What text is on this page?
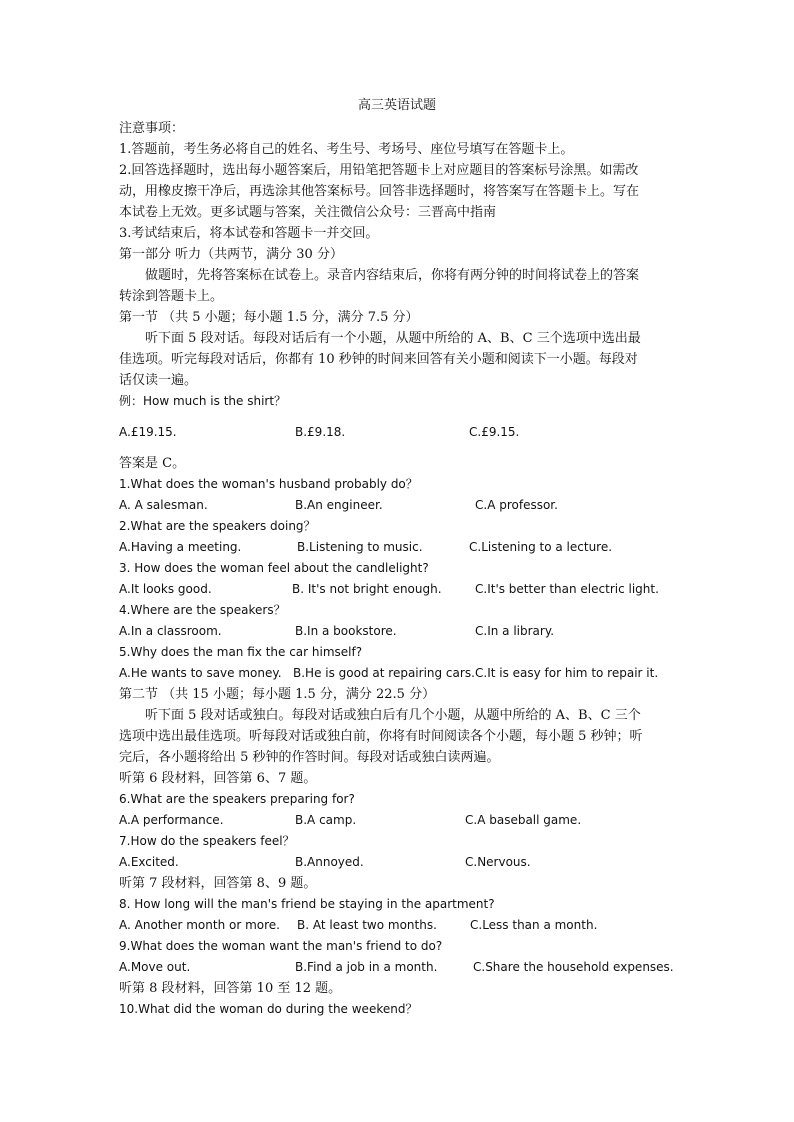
高三英语试题
注意事项：
1.答题前，考生务必将自己的姓名、考生号、考场号、座位号填写在答题卡上。
2.回答选择题时，选出每小题答案后，用铅笔把答题卡上对应题目的答案标号涂黑。如需改
动，用橡皮擦干净后，再选涂其他答案标号。回答非选择题时，将答案写在答题卡上。写在
本试卷上无效。更多试题与答案，关注微信公众号：三晋高中指南
3.考试结束后，将本试卷和答题卡一并交回。
第一部分 听力（共两节，满分 30 分）
做题时，先将答案标在试卷上。录音内容结束后，你将有两分钟的时间将试卷上的答案
转涂到答题卡上。
第一节 （共 5 小题；每小题 1.5 分，满分 7.5 分）
听下面 5 段对话。每段对话后有一个小题，从题中所给的 A、B、C 三个选项中选出最
佳选项。听完每段对话后，你都有 10 秒钟的时间来回答有关小题和阅读下一小题。每段对
话仅读一遍。
例：How much is the shirt？
A.£19.15.	B.£9.18.	C.£9.15.
答案是 C。
1.What does the woman's husband probably do？
A. A salesman.	B.An engineer.	C.A professor.
2.What are the speakers doing？
A.Having a meeting.	B.Listening to music.	C.Listening to a lecture.
3. How does the woman feel about the candlelight?
A.It looks good.	B. It's not bright enough.	C.It's better than electric light.
4.Where are the speakers？
A.In a classroom.	B.In a bookstore.	C.In a library.
5.Why does the man fix the car himself?
A.He wants to save money. B.He is good at repairing cars. C.It is easy for him to repair it.
第二节 （共 15 小题；每小题 1.5 分，满分 22.5 分）
听下面 5 段对话或独白。每段对话或独白后有几个小题，从题中所给的 A、B、C 三个
选项中选出最佳选项。听每段对话或独白前，你将有时间阅读各个小题，每小题 5 秒钟；听
完后，各小题将给出 5 秒钟的作答时间。每段对话或独白读两遍。
听第 6 段材料，回答第 6、7 题。
6.What are the speakers preparing for?
A.A performance.	B.A camp.	C.A baseball game.
7.How do the speakers feel？
A.Excited.	B.Annoyed.	C.Nervous.
听第 7 段材料，回答第 8、9 题。
8. How long will the man's friend be staying in the apartment?
A. Another month or more.	B. At least two months.	C.Less than a month.
9.What does the woman want the man's friend to do?
A.Move out.	B.Find a job in a month.	C.Share the household expenses.
听第 8 段材料，回答第 10 至 12 题。
10.What did the woman do during the weekend？
